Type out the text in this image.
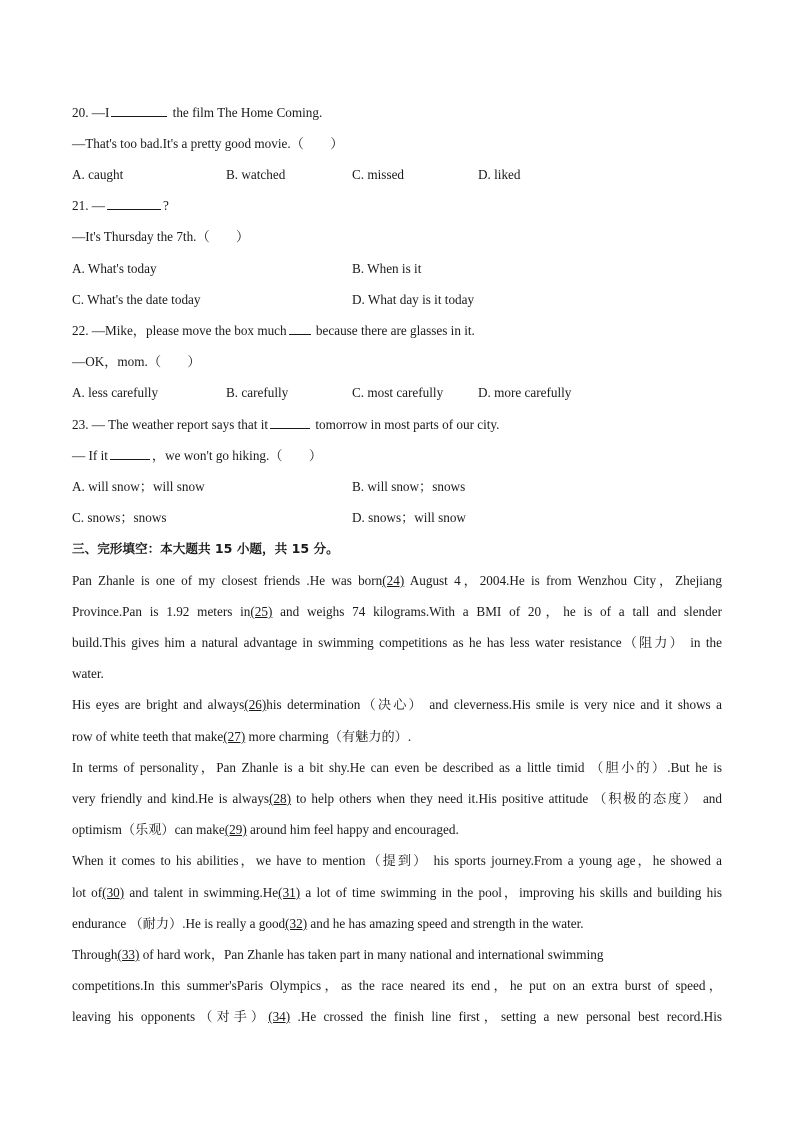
20. —I	the film The Home Coming.
—That's too bad.It's a pretty good movie.（　　）
A. caught	B. watched	C. missed	D. liked
21. —	?
—It's Thursday the 7th.（　　）
A. What's today	B. When is it
C. What's the date today	D. What day is it today
22. —Mike，please move the box much because there are glasses in it.
—OK，mom.（　　）
A. less carefully	B. carefully	C. most carefully	D. more carefully
23. — The weather report says that it	tomorrow in most parts of our city.
— If it	，we won't go hiking.（　　）
A. will snow；will snow	B. will snow；snows
C. snows；snows	D. snows；will snow
三、完形填空：本大题共 15 小题，共 15 分。
Pan Zhanle is one of my closest friends .He was born(24) August 4，2004.He is from Wenzhou City，Zhejiang
Province.Pan is 1.92 meters in(25) and weighs 74 kilograms.With a BMI of 20，he is of a tall and slender
build.This gives him a natural advantage in swimming competitions as he has less water resistance（阻力） in the
water.
His eyes are bright and always(26)his determination（决心） and cleverness.His smile is very nice and it shows a
row of white teeth that make(27) more charming（有魅力的）.
In terms of personality，Pan Zhanle is a bit shy.He can even be described as a little timid （胆小的）.But he is
very friendly and kind.He is always(28) to help others when they need it.His positive attitude （积极的态度） and
optimism（乐观）can make(29) around him feel happy and encouraged.
When it comes to his abilities，we have to mention（提到） his sports journey.From a young age，he showed a
lot of(30) and talent in swimming.He(31) a lot of time swimming in the pool，improving his skills and building his
endurance （耐力）.He is really a good(32) and he has amazing speed and strength in the water.
Through(33) of hard work，Pan Zhanle has taken part in many national and international swimming
competitions.In this summer'sParis Olympics，as the race neared its end，he put on an extra burst of speed，
leaving his opponents（对手）(34) .He crossed the finish line first，setting a new personal best record.His
